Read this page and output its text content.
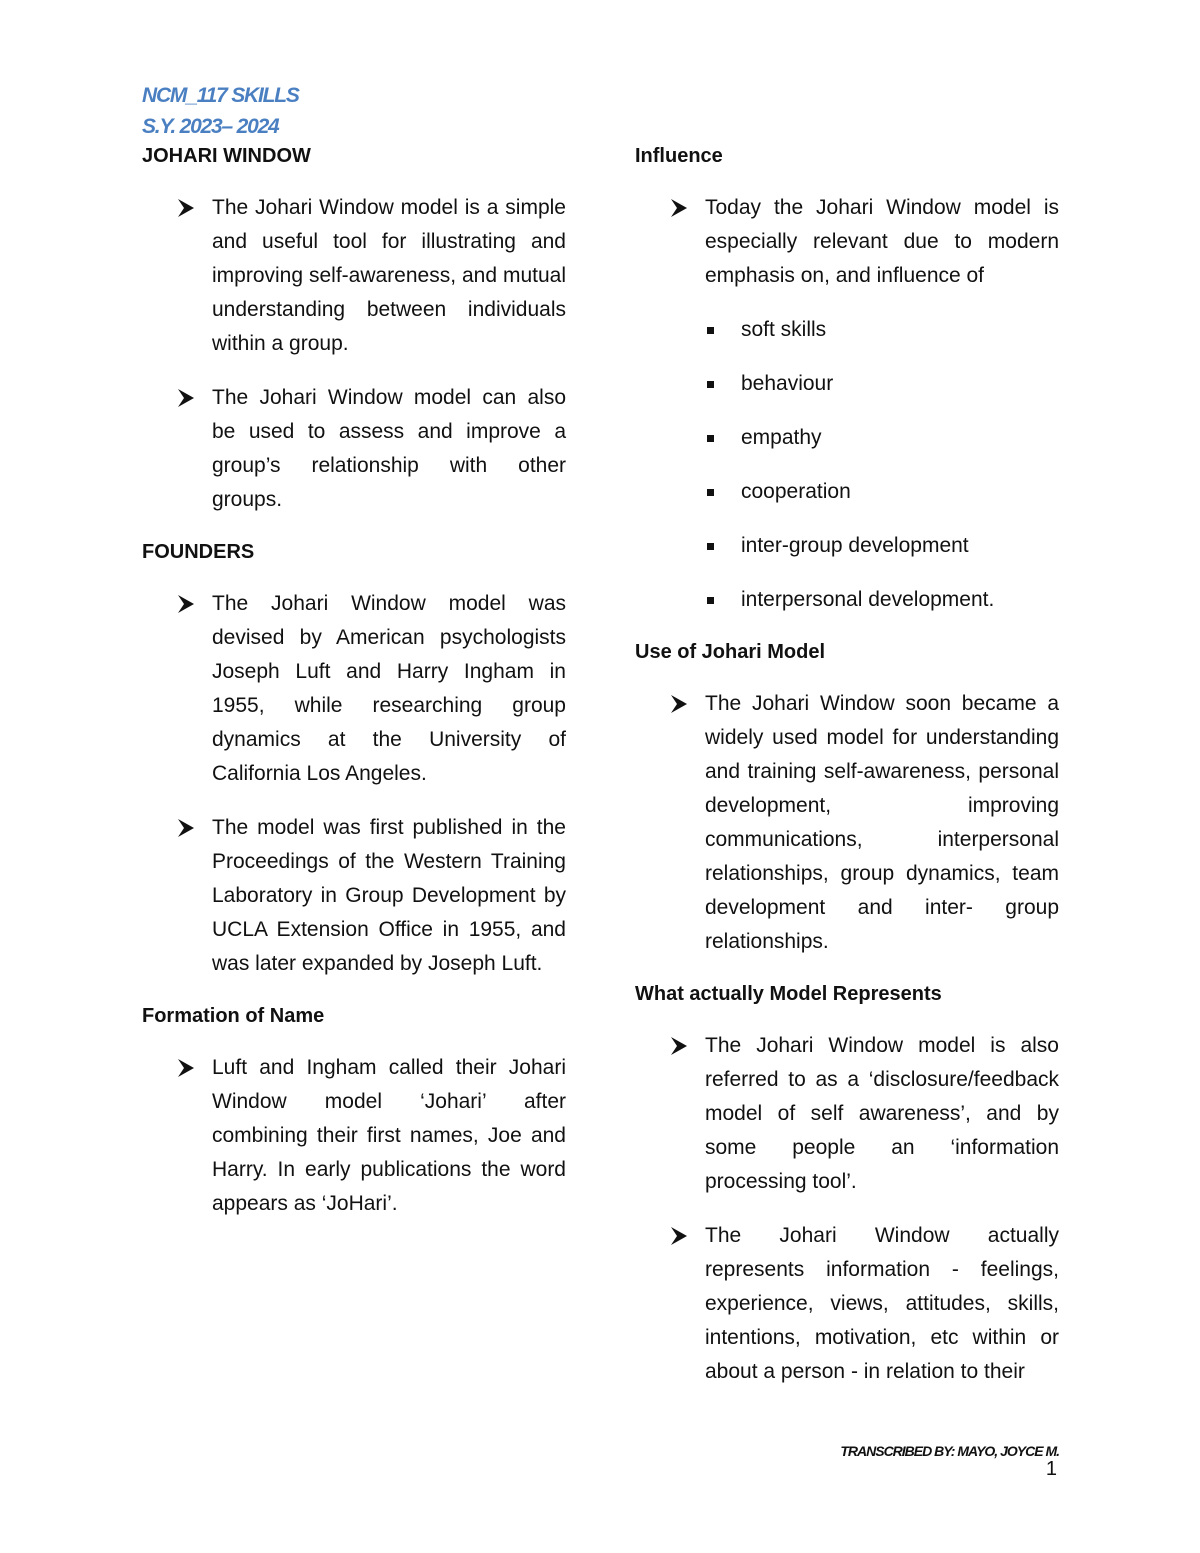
NCM_117 SKILLS
S.Y. 2023– 2024
JOHARI WINDOW
The Johari Window model is a simple and useful tool for illustrating and improving self-awareness, and mutual understanding between individuals within a group.
The Johari Window model can also be used to assess and improve a group’s relationship with other groups.
FOUNDERS
The Johari Window model was devised by American psychologists Joseph Luft and Harry Ingham in 1955, while researching group dynamics at the University of California Los Angeles.
The model was first published in the Proceedings of the Western Training Laboratory in Group Development by UCLA Extension Office in 1955, and was later expanded by Joseph Luft.
Formation of Name
Luft and Ingham called their Johari Window model ‘Johari’ after combining their first names, Joe and Harry. In early publications the word appears as ‘JoHari’.
Influence
Today the Johari Window model is especially relevant due to modern emphasis on, and influence of
soft skills
behaviour
empathy
cooperation
inter-group development
interpersonal development.
Use of Johari Model
The Johari Window soon became a widely used model for understanding and training self-awareness, personal development, improving communications, interpersonal relationships, group dynamics, team development and inter- group relationships.
What actually Model Represents
The Johari Window model is also referred to as a ‘disclosure/feedback model of self awareness’, and by some people an ‘information processing tool’.
The Johari Window actually represents information - feelings, experience, views, attitudes, skills, intentions, motivation, etc within or about a person - in relation to their
TRANSCRIBED BY: MAYO, JOYCE M.
1
